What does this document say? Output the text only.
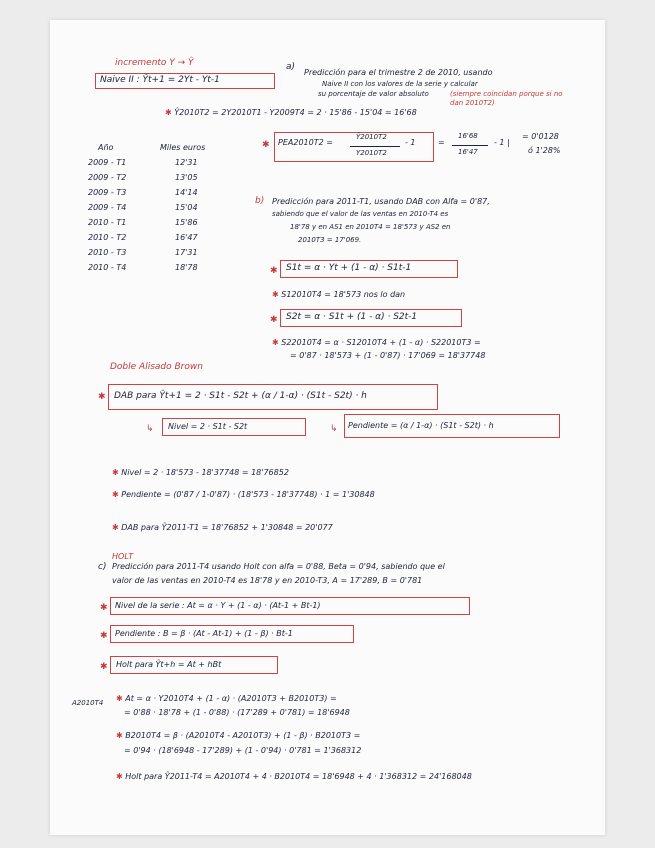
incremento Y → Ŷ
Naive II : Ŷt+1 = 2Yt - Yt-1
a)
Predicción para el trimestre 2 de 2010, usando
Naive II con los valores de la serie y calcular
su porcentaje de valor absoluto	(siempre coincidan porque si no dan 2010T2)
✱ Ŷ2010T2 = 2Y2010T1 - Y2009T4 = 2 · 15'86 - 15'04 = 16'68
✱ PEA2010T2 =
Ŷ2010T2
Y2010T2
- 1	=
16'68
16'47
- 1 |
= 0'0128
ó 1'28%
Año	Miles euros
2009 - T1	12'31
2009 - T2	13'05
2009 - T3	14'14
2009 - T4	15'04
2010 - T1	15'86
2010 - T2	16'47
2010 - T3	17'31
2010 - T4	18'78
b) Predicción para 2011-T1, usando DAB con Alfa = 0'87,
sabiendo que el valor de las ventas en 2010-T4 es
18'78 y en AS1 en 2010T4 = 18'573 y AS2 en
2010T3 = 17'069.
✱ S1t = α · Yt + (1 - α) · S1t-1
✱ S12010T4 = 18'573 nos lo dan
✱ S2t = α · S1t + (1 - α) · S2t-1
✱ S22010T4 = α · S12010T4 + (1 - α) · S22010T3 =
= 0'87 · 18'573 + (1 - 0'87) · 17'069 = 18'37748
Doble Alisado Brown
✱ DAB para Ŷt+1 = 2 · S1t - S2t + (α / 1-α) · (S1t - S2t) · h
↳ Nivel = 2 · S1t - S2t	↳ Pendiente = (α / 1-α) · (S1t - S2t) · h
✱ Nivel = 2 · 18'573 - 18'37748 = 18'76852
✱ Pendiente = (0'87 / 1-0'87) · (18'573 - 18'37748) · 1 = 1'30848
✱ DAB para Ŷ2011-T1 = 18'76852 + 1'30848 = 20'077
HOLT
c) Predicción para 2011-T4 usando Holt con alfa = 0'88, Beta = 0'94, sabiendo que el
valor de las ventas en 2010-T4 es 18'78 y en 2010-T3, A = 17'289, B = 0'781
✱ Nivel de la serie : At = α · Y + (1 - α) · (At-1 + Bt-1)
✱ Pendiente : B = β · (At - At-1) + (1 - β) · Bt-1
✱ Holt para Ŷt+h = At + hBt
A2010T4 ✱ At = α · Y2010T4 + (1 - α) · (A2010T3 + B2010T3) =
= 0'88 · 18'78 + (1 - 0'88) · (17'289 + 0'781) = 18'6948
✱ B2010T4 = β · (A2010T4 - A2010T3) + (1 - β) · B2010T3 =
= 0'94 · (18'6948 - 17'289) + (1 - 0'94) · 0'781 = 1'368312
✱ Holt para Ŷ2011-T4 = A2010T4 + 4 · B2010T4 = 18'6948 + 4 · 1'368312 = 24'168048
